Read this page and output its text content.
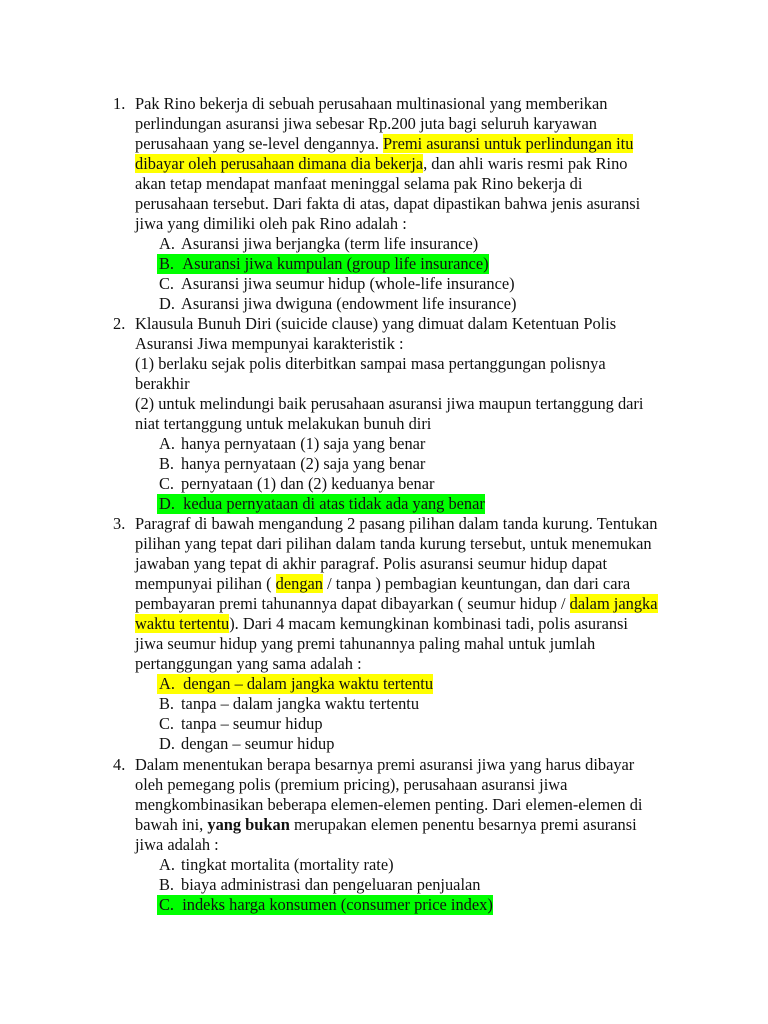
1. Pak Rino bekerja di sebuah perusahaan multinasional yang memberikan
perlindungan asuransi jiwa sebesar Rp.200 juta bagi seluruh karyawan
perusahaan yang se-level dengannya. Premi asuransi untuk perlindungan itu
dibayar oleh perusahaan dimana dia bekerja, dan ahli waris resmi pak Rino
akan tetap mendapat manfaat meninggal selama pak Rino bekerja di
perusahaan tersebut. Dari fakta di atas, dapat dipastikan bahwa jenis asuransi
jiwa yang dimiliki oleh pak Rino adalah :
A. Asuransi jiwa berjangka (term life insurance)
B. Asuransi jiwa kumpulan (group life insurance)
C. Asuransi jiwa seumur hidup (whole-life insurance)
D. Asuransi jiwa dwiguna (endowment life insurance)
2. Klausula Bunuh Diri (suicide clause) yang dimuat dalam Ketentuan Polis
Asuransi Jiwa mempunyai karakteristik :
(1) berlaku sejak polis diterbitkan sampai masa pertanggungan polisnya
berakhir
(2) untuk melindungi baik perusahaan asuransi jiwa maupun tertanggung dari
niat tertanggung untuk melakukan bunuh diri
A. hanya pernyataan (1) saja yang benar
B. hanya pernyataan (2) saja yang benar
C. pernyataan (1) dan (2) keduanya benar
D. kedua pernyataan di atas tidak ada yang benar
3. Paragraf di bawah mengandung 2 pasang pilihan dalam tanda kurung. Tentukan
pilihan yang tepat dari pilihan dalam tanda kurung tersebut, untuk menemukan
jawaban yang tepat di akhir paragraf. Polis asuransi seumur hidup dapat
mempunyai pilihan ( dengan / tanpa ) pembagian keuntungan, dan dari cara
pembayaran premi tahunannya dapat dibayarkan ( seumur hidup / dalam jangka
waktu tertentu). Dari 4 macam kemungkinan kombinasi tadi, polis asuransi
jiwa seumur hidup yang premi tahunannya paling mahal untuk jumlah
pertanggungan yang sama adalah :
A. dengan – dalam jangka waktu tertentu
B. tanpa – dalam jangka waktu tertentu
C. tanpa – seumur hidup
D. dengan – seumur hidup
4. Dalam menentukan berapa besarnya premi asuransi jiwa yang harus dibayar
oleh pemegang polis (premium pricing), perusahaan asuransi jiwa
mengkombinasikan beberapa elemen-elemen penting. Dari elemen-elemen di
bawah ini, yang bukan merupakan elemen penentu besarnya premi asuransi
jiwa adalah :
A. tingkat mortalita (mortality rate)
B. biaya administrasi dan pengeluaran penjualan
C. indeks harga konsumen (consumer price index)
